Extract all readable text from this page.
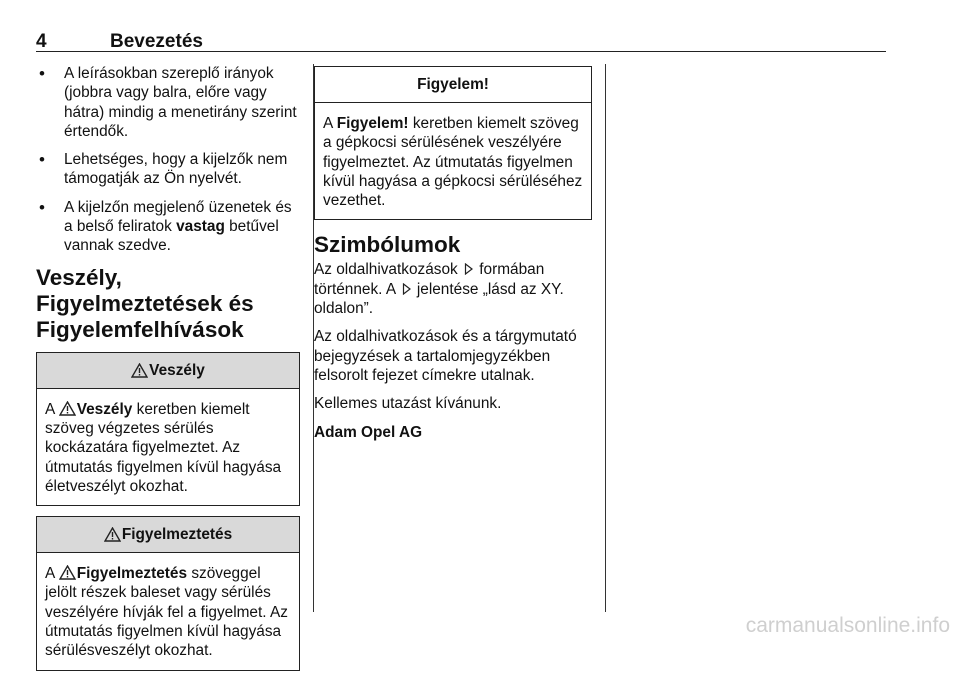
4	Bevezetés
• A leírásokban szereplő irányok (jobbra vagy balra, előre vagy hátra) mindig a menetirány szerint értendők.
• Lehetséges, hogy a kijelzők nem támogatják az Ön nyelvét.
• A kijelzőn megjelenő üzenetek és a belső feliratok vastag betűvel vannak szedve.
Veszély, Figyelmeztetések és Figyelemfelhívások
Veszély
A Veszély keretben kiemelt szöveg végzetes sérülés kockázatára figyelmeztet. Az útmutatás figyelmen kívül hagyása életveszélyt okozhat.
Figyelmeztetés
A Figyelmeztetés szöveggel jelölt részek baleset vagy sérülés veszélyére hívják fel a figyelmet. Az útmutatás figyelmen kívül hagyása sérülésveszélyt okozhat.
Figyelem!
A Figyelem! keretben kiemelt szöveg a gépkocsi sérülésének veszélyére figyelmeztet. Az útmutatás figyelmen kívül hagyása a gépkocsi sérüléséhez vezethet.
Szimbólumok

Az oldalhivatkozások  formában történnek. A  jelentése „lásd az XY. oldalon”.

Az oldalhivatkozások és a tárgymutató bejegyzések a tartalomjegyzékben felsorolt fejezet címekre utalnak.

Kellemes utazást kívánunk.

Adam Opel AG

carmanualsonline.info
